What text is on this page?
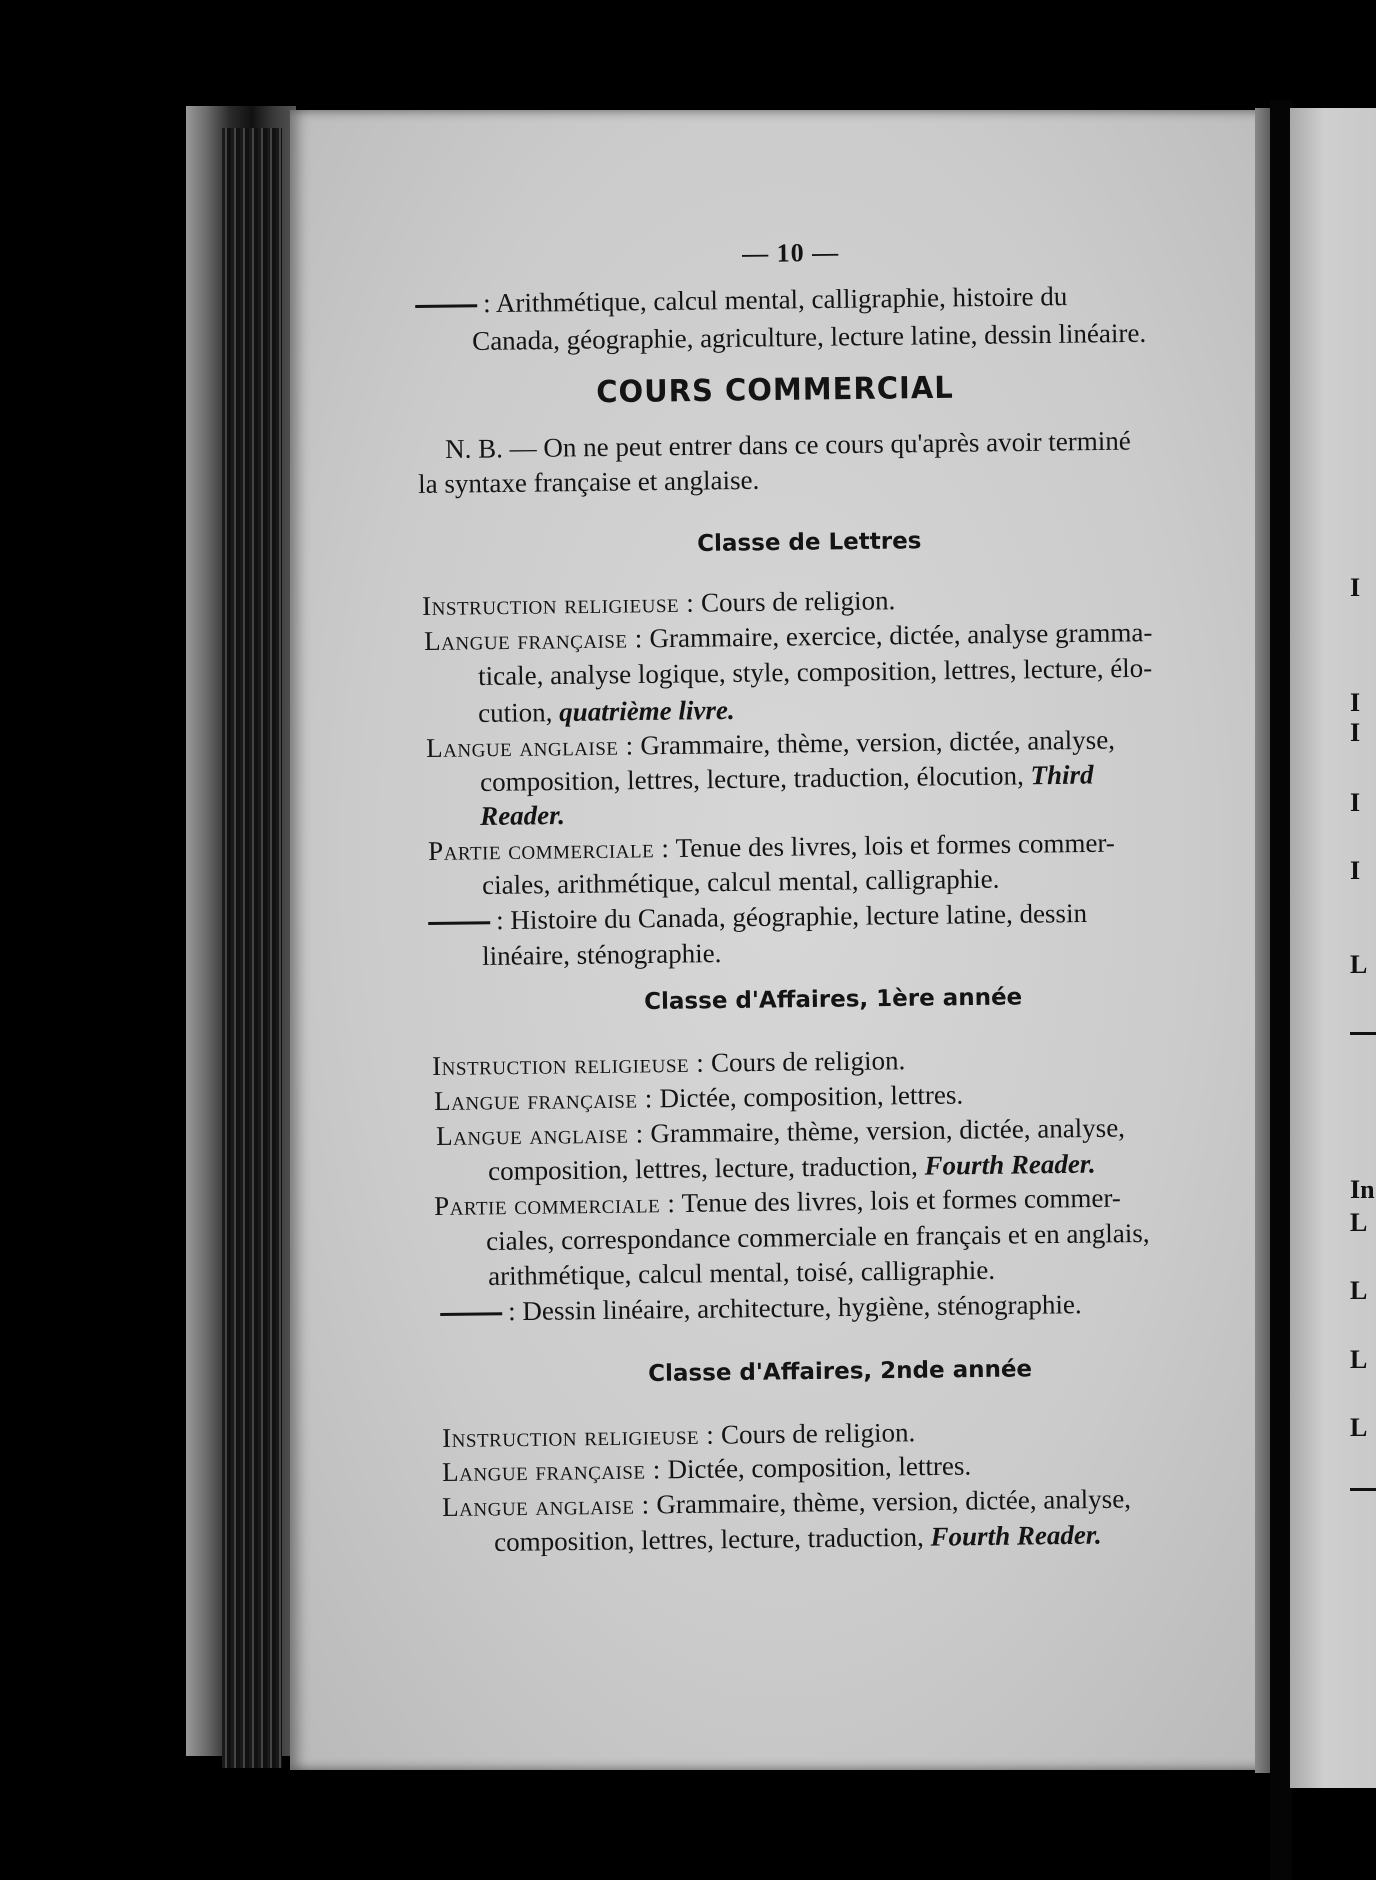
I
I
I
I
I
L
In
L
L
L
L
— 10 —
: Arithmétique, calcul mental, calligraphie, histoire du
Canada, géographie, agriculture, lecture latine, dessin linéaire.
COURS COMMERCIAL
N. B. — On ne peut entrer dans ce cours qu'après avoir terminé
la syntaxe française et anglaise.
Classe de Lettres
Instruction religieuse : Cours de religion.
Langue française : Grammaire, exercice, dictée, analyse gramma-
ticale, analyse logique, style, composition, lettres, lecture, élo-
cution, quatrième livre.
Langue anglaise : Grammaire, thème, version, dictée, analyse,
composition, lettres, lecture, traduction, élocution, Third
Reader.
Partie commerciale : Tenue des livres, lois et formes commer-
ciales, arithmétique, calcul mental, calligraphie.
: Histoire du Canada, géographie, lecture latine, dessin
linéaire, sténographie.
Classe d'Affaires, 1ère année
Instruction religieuse : Cours de religion.
Langue française : Dictée, composition, lettres.
Langue anglaise : Grammaire, thème, version, dictée, analyse,
composition, lettres, lecture, traduction, Fourth Reader.
Partie commerciale : Tenue des livres, lois et formes commer-
ciales, correspondance commerciale en français et en anglais,
arithmétique, calcul mental, toisé, calligraphie.
: Dessin linéaire, architecture, hygiène, sténographie.
Classe d'Affaires, 2nde année
Instruction religieuse : Cours de religion.
Langue française : Dictée, composition, lettres.
Langue anglaise : Grammaire, thème, version, dictée, analyse,
composition, lettres, lecture, traduction, Fourth Reader.
